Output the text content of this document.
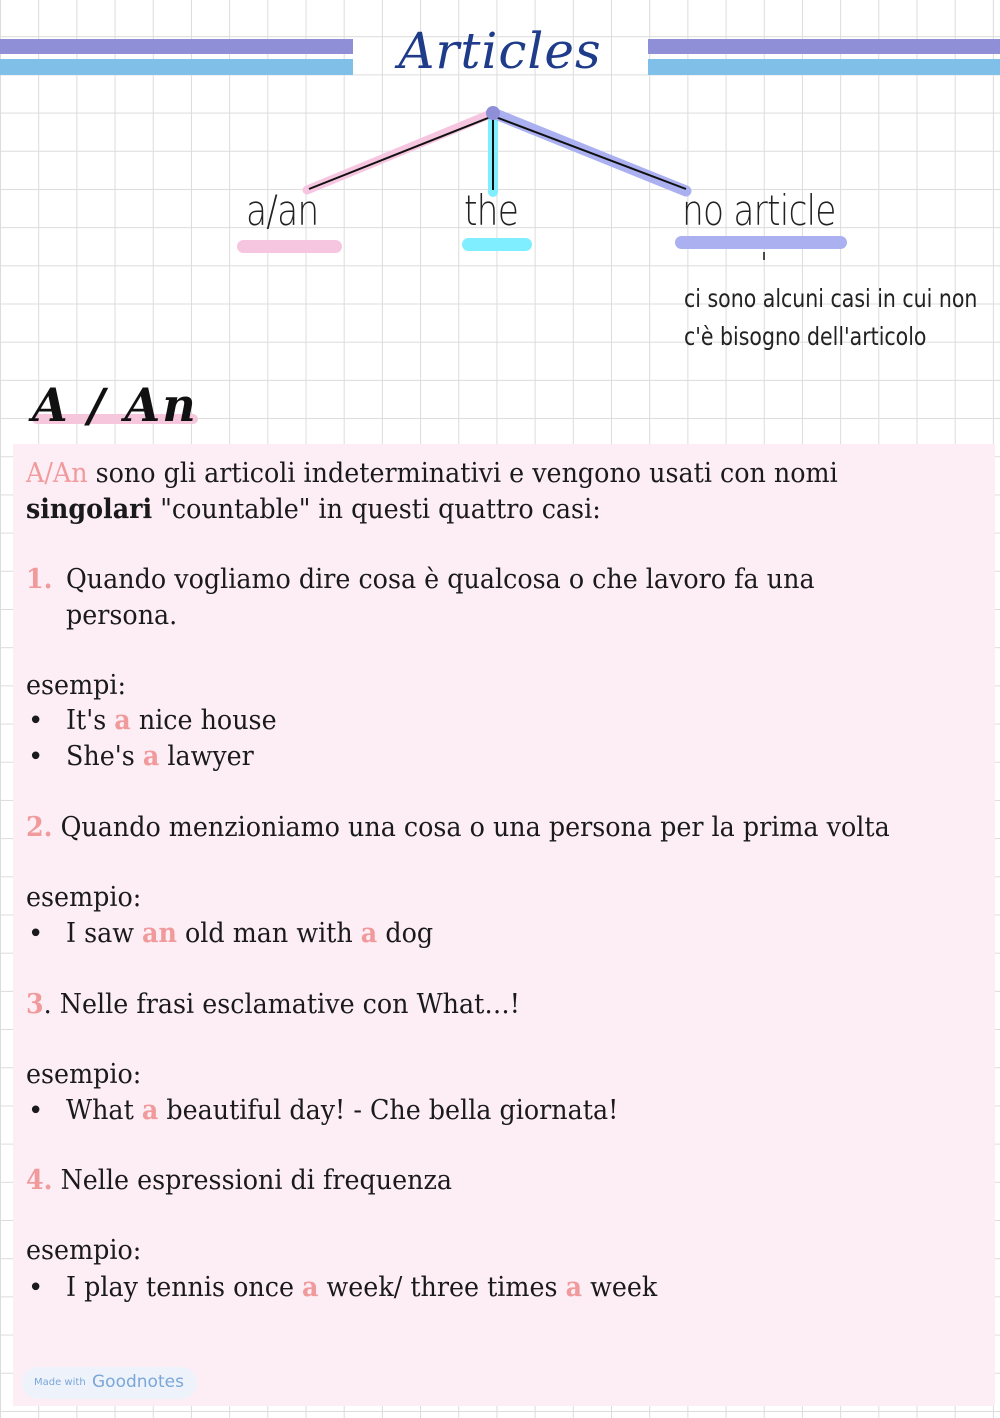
Articles
a/an	the	no article
ci sono alcuni casi in cui non
c'è bisogno dell'articolo
A / An
A/An sono gli articoli indeterminativi e vengono usati con nomi
singolari "countable" in questi quattro casi:
1. Quando vogliamo dire cosa è qualcosa o che lavoro fa una
persona.
esempi:
• It's a nice house
• She's a lawyer
2. Quando menzioniamo una cosa o una persona per la prima volta
esempio:
• I saw an old man with a dog
3. Nelle frasi esclamative con What…!
esempio:
• What a beautiful day! - Che bella giornata!
4. Nelle espressioni di frequenza
esempio:
• I play tennis once a week/ three times a week
Made with Goodnotes
